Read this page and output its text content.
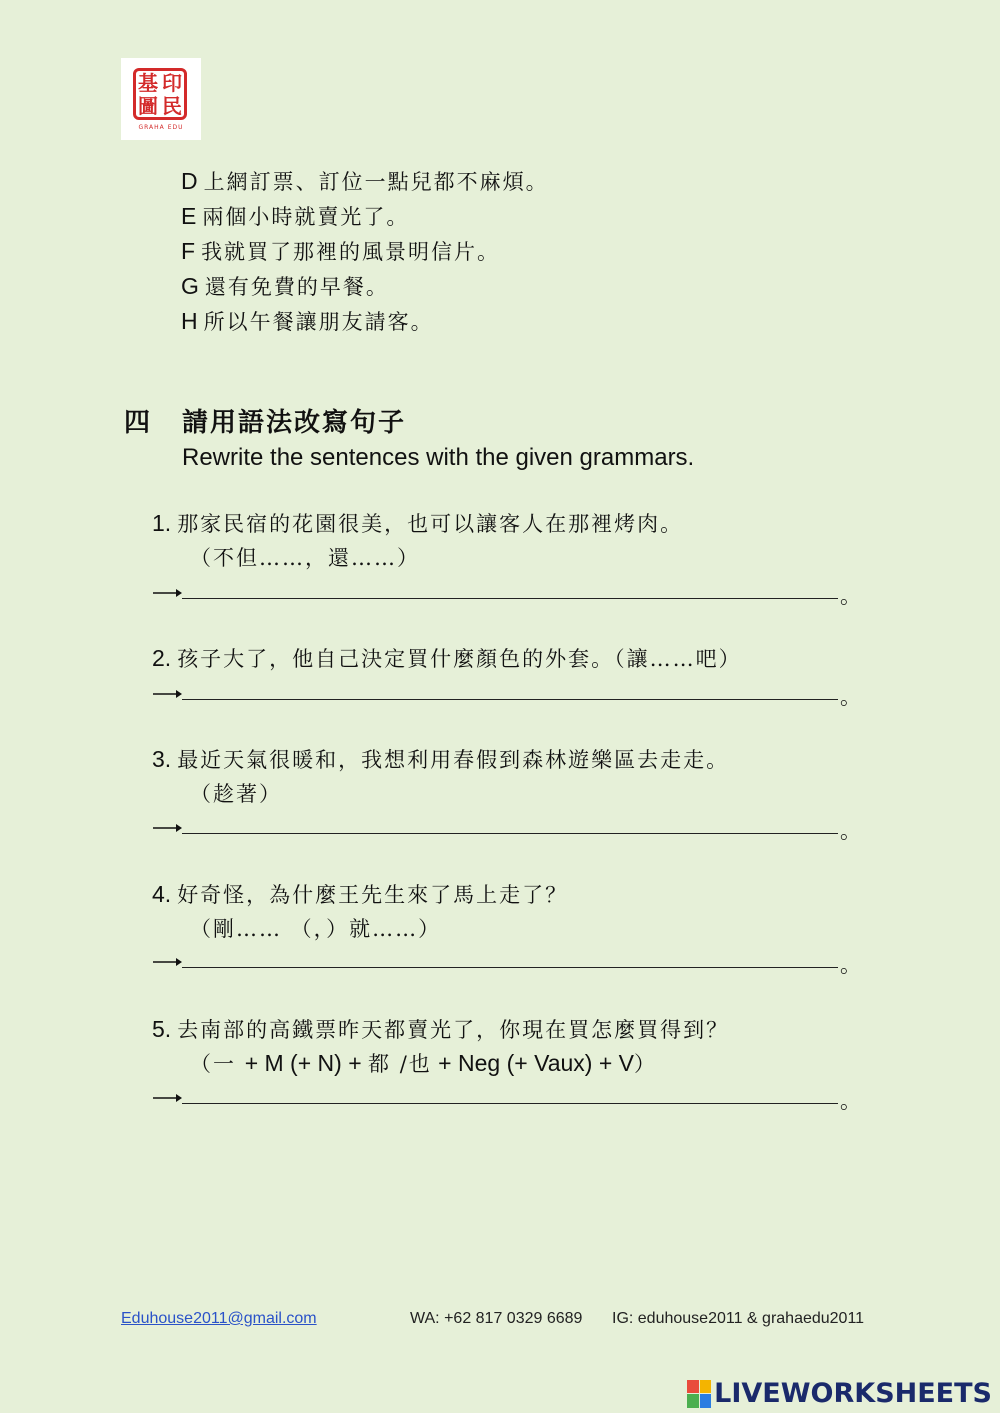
基 印
圖 民
GRAHA EDU
D 上網訂票、訂位一點兒都不麻煩。
E 兩個小時就賣光了。
F 我就買了那裡的風景明信片。
G 還有免費的早餐。
H 所以午餐讓朋友請客。
四 請用語法改寫句子
Rewrite the sentences with the given grammars.
1. 那家民宿的花園很美，也可以讓客人在那裡烤肉。
（不但……，還……）
。
2. 孩子大了，他自己決定買什麼顏色的外套。（讓……吧）
。
3. 最近天氣很暖和，我想利用春假到森林遊樂區去走走。
（趁著）
。
4. 好奇怪，為什麼王先生來了馬上走了？
（剛…… （，）就……）
。
5. 去南部的高鐵票昨天都賣光了，你現在買怎麼買得到？
（一 + M (+ N) + 都 /也 + Neg (+ Vaux) + V）
。
Eduhouse2011@gmail.com	WA: +62 817 0329 6689 IG: eduhouse2011 & grahaedu2011
LIVEWORKSHEETS
